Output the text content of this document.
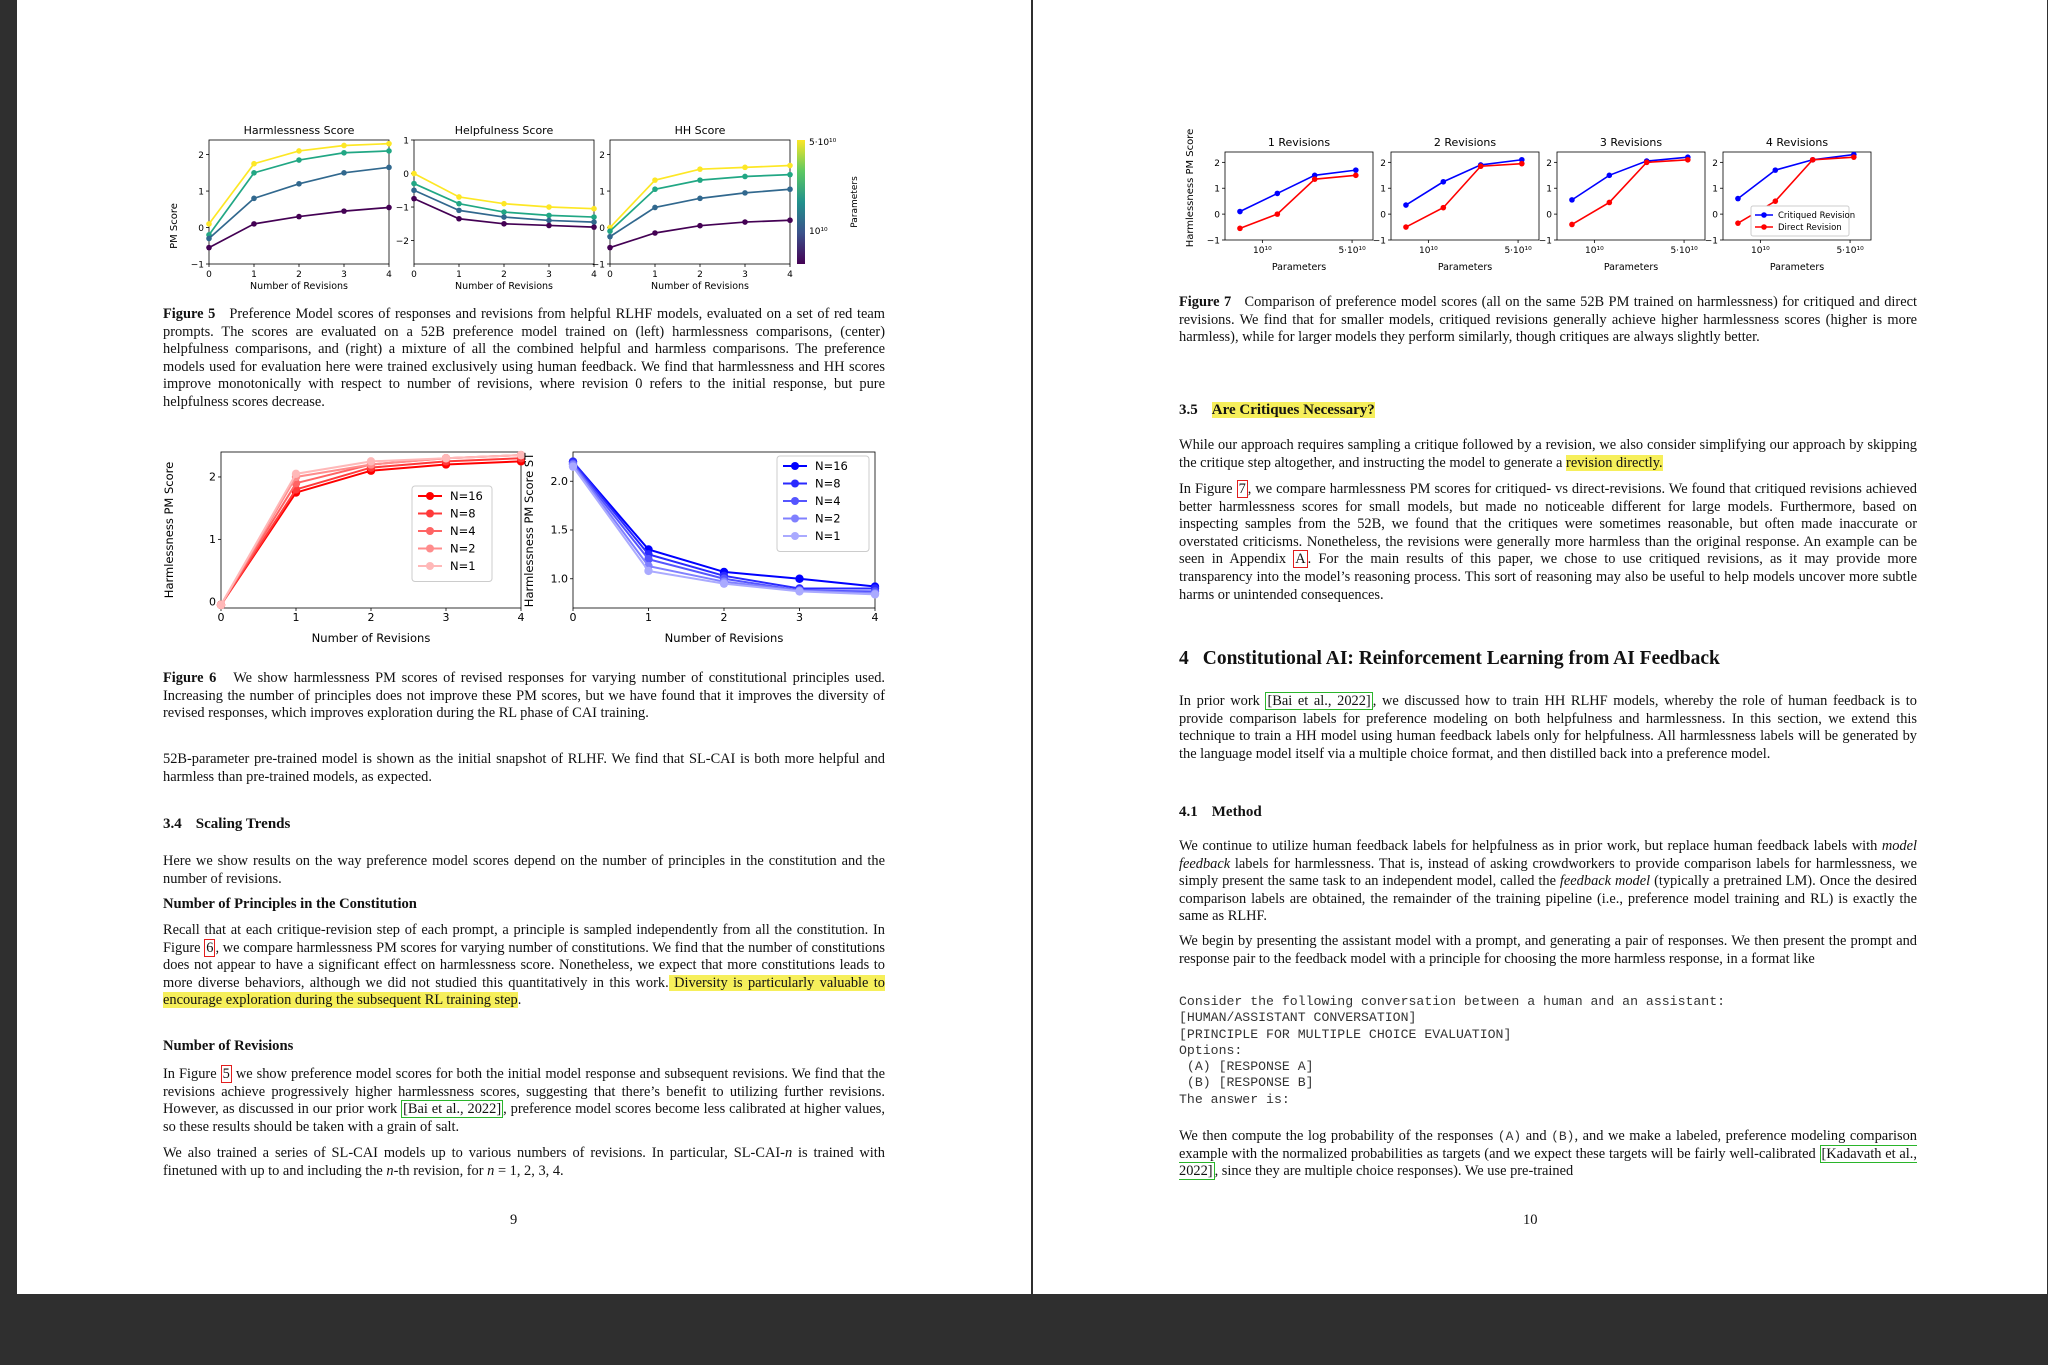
PM Score
Harmlessness Score
−1
0
1
2
0	1	2	3	4
Number of Revisions
Helpfulness Score
−2
−1
0
1
0	1	2	3	4
Number of Revisions
HH Score
−1
0
1
2
0	1	2	3	4
Number of Revisions
5·10¹⁰
10¹⁰
Parameters
Figure 5 Preference Model scores of responses and revisions from helpful RLHF models, evaluated on a set of red team prompts. The scores are evaluated on a 52B preference model trained on (left) harmlessness comparisons, (center) helpfulness comparisons, and (right) a mixture of all the combined helpful and harmless comparisons. The preference models used for evaluation here were trained exclusively using human feedback. We find that harmlessness and HH scores improve monotonically with respect to number of revisions, where revision 0 refers to the initial response, but pure helpfulness scores decrease.
0
1
2
0	1	2	3	4
Number of Revisions
Harmlessness PM Score	N=16
N=8
N=4
N=2
N=1
1.0
1.5
2.0
0	1	2	3	4
Number of Revisions
Harmlessness PM Score ST	N=16
N=8
N=4
N=2
N=1
Figure 6 We show harmlessness PM scores of revised responses for varying number of constitutional principles used. Increasing the number of principles does not improve these PM scores, but we have found that it improves the diversity of revised responses, which improves exploration during the RL phase of CAI training.
52B-parameter pre-trained model is shown as the initial snapshot of RLHF. We find that SL-CAI is both more helpful and harmless than pre-trained models, as expected.
3.4 Scaling Trends
Here we show results on the way preference model scores depend on the number of principles in the constitution and the number of revisions.
Number of Principles in the Constitution
Recall that at each critique-revision step of each prompt, a principle is sampled independently from all the constitution. In Figure 6 , we compare harmlessness PM scores for varying number of constitutions. We find that the number of constitutions does not appear to have a significant effect on harmlessness score. Nonetheless, we expect that more constitutions leads to more diverse behaviors, although we did not studied this quantitatively in this work. Diversity is particularly valuable to encourage exploration during the subsequent RL training step.
Number of Revisions
In Figure 5 we show preference model scores for both the initial model response and subsequent revisions. We find that the revisions achieve progressively higher harmlessness scores, suggesting that there’s benefit to utilizing further revisions. However, as discussed in our prior work [Bai et al., 2022] , preference model scores become less calibrated at higher values, so these results should be taken with a grain of salt.
We also trained a series of SL-CAI models up to various numbers of revisions. In particular, SL-CAI-n is trained with finetuned with up to and including the n-th revision, for n = 1, 2, 3, 4.
9
Harmlessness PM Score	1 Revisions
−1
0
1
2
10¹⁰	5·10¹⁰
Parameters
2 Revisions
−1
0
1
2
10¹⁰	5·10¹⁰
Parameters
3 Revisions
−1
0
1
2
10¹⁰	5·10¹⁰
Parameters
4 Revisions
−1
0
1
2
10¹⁰	5·10¹⁰
Parameters
Critiqued Revision
Direct Revision
Figure 7 Comparison of preference model scores (all on the same 52B PM trained on harmlessness) for critiqued and direct revisions. We find that for smaller models, critiqued revisions generally achieve higher harmlessness scores (higher is more harmless), while for larger models they perform similarly, though critiques are always slightly better.
3.5 Are Critiques Necessary?
While our approach requires sampling a critique followed by a revision, we also consider simplifying our approach by skipping the critique step altogether, and instructing the model to generate a revision directly.
In Figure 7 , we compare harmlessness PM scores for critiqued- vs direct-revisions. We found that critiqued revisions achieved better harmlessness scores for small models, but made no noticeable different for large models. Furthermore, based on inspecting samples from the 52B, we found that the critiques were sometimes reasonable, but often made inaccurate or overstated criticisms. Nonetheless, the revisions were generally more harmless than the original response. An example can be seen in Appendix A . For the main results of this paper, we chose to use critiqued revisions, as it may provide more transparency into the model’s reasoning process. This sort of reasoning may also be useful to help models uncover more subtle harms or unintended consequences.
4 Constitutional AI: Reinforcement Learning from AI Feedback
In prior work [Bai et al., 2022] , we discussed how to train HH RLHF models, whereby the role of human feedback is to provide comparison labels for preference modeling on both helpfulness and harmlessness. In this section, we extend this technique to train a HH model using human feedback labels only for helpfulness. All harmlessness labels will be generated by the language model itself via a multiple choice format, and then distilled back into a preference model.
4.1 Method
We continue to utilize human feedback labels for helpfulness as in prior work, but replace human feedback labels with model feedback labels for harmlessness. That is, instead of asking crowdworkers to provide comparison labels for harmlessness, we simply present the same task to an independent model, called the feedback model (typically a pretrained LM). Once the desired comparison labels are obtained, the remainder of the training pipeline (i.e., preference model training and RL) is exactly the same as RLHF.
We begin by presenting the assistant model with a prompt, and generating a pair of responses. We then present the prompt and response pair to the feedback model with a principle for choosing the more harmless response, in a format like
Consider the following conversation between a human and an assistant:
[HUMAN/ASSISTANT CONVERSATION]
[PRINCIPLE FOR MULTIPLE CHOICE EVALUATION]
Options:
(A) [RESPONSE A]
(B) [RESPONSE B]
The answer is:
We then compute the log probability of the responses (A) and (B), and we make a labeled, preference modeling comparison example with the normalized probabilities as targets (and we expect these targets will be fairly well-calibrated [Kadavath et al., 2022] , since they are multiple choice responses). We use pre-trained
10
